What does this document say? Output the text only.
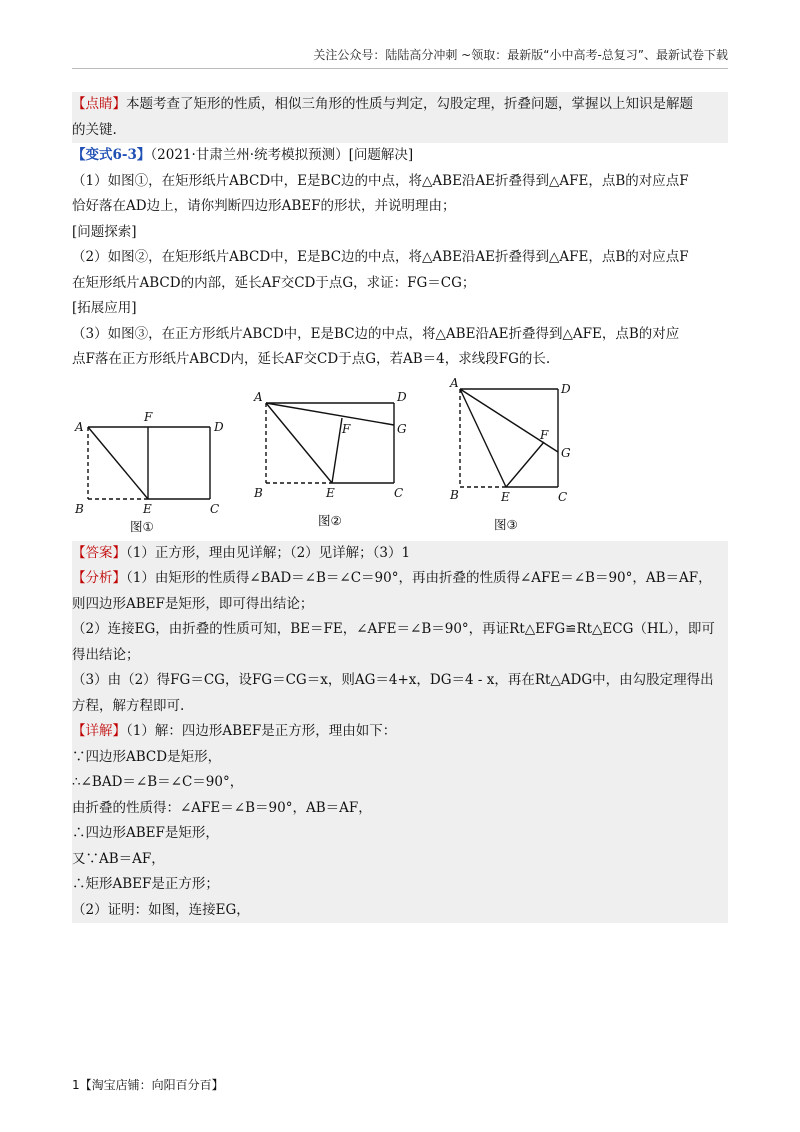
关注公众号：陆陆高分冲刺 ~领取：最新版“小中高考-总复习”、最新试卷下载

【点睛】本题考查了矩形的性质，相似三角形的性质与判定，勾股定理，折叠问题，掌握以上知识是解题

的关键.

【变式6-3】（2021·甘肃兰州·统考模拟预测）[问题解决]

（1）如图①，在矩形纸片ABCD中，E是BC边的中点，将△ABE沿AE折叠得到△AFE，点B的对应点F

恰好落在AD边上，请你判断四边形ABEF的形状，并说明理由；

[问题探索]

（2）如图②，在矩形纸片ABCD中，E是BC边的中点，将△ABE沿AE折叠得到△AFE，点B的对应点F

在矩形纸片ABCD的内部，延长AF交CD于点G，求证：FG＝CG；

[拓展应用]

（3）如图③，在正方形纸片ABCD中，E是BC边的中点，将△ABE沿AE折叠得到△AFE，点B的对应

点F落在正方形纸片ABCD内，延长AF交CD于点G，若AB＝4，求线段FG的长.

A
F
D
B	E	C
图①
A	D
F	G
B	E	C
图②
A	D
F
G
B	E	C
图③

【答案】（1）正方形，理由见详解；（2）见详解；（3）1

【分析】（1）由矩形的性质得∠BAD＝∠B＝∠C＝90°，再由折叠的性质得∠AFE＝∠B＝90°，AB＝AF，

则四边形ABEF是矩形，即可得出结论；

（2）连接EG，由折叠的性质可知，BE＝FE，∠AFE＝∠B＝90°，再证Rt△EFG≌Rt△ECG（HL），即可

得出结论；

（3）由（2）得FG＝CG，设FG＝CG＝x，则AG＝4+x，DG＝4 - x，再在Rt△ADG中，由勾股定理得出

方程，解方程即可.

【详解】（1）解：四边形ABEF是正方形，理由如下：

∵四边形ABCD是矩形，

∴∠BAD＝∠B＝∠C＝90°，

由折叠的性质得：∠AFE＝∠B＝90°，AB＝AF，

∴四边形ABEF是矩形，

又∵AB＝AF，

∴矩形ABEF是正方形；

（2）证明：如图，连接EG，

1【淘宝店铺：向阳百分百】
